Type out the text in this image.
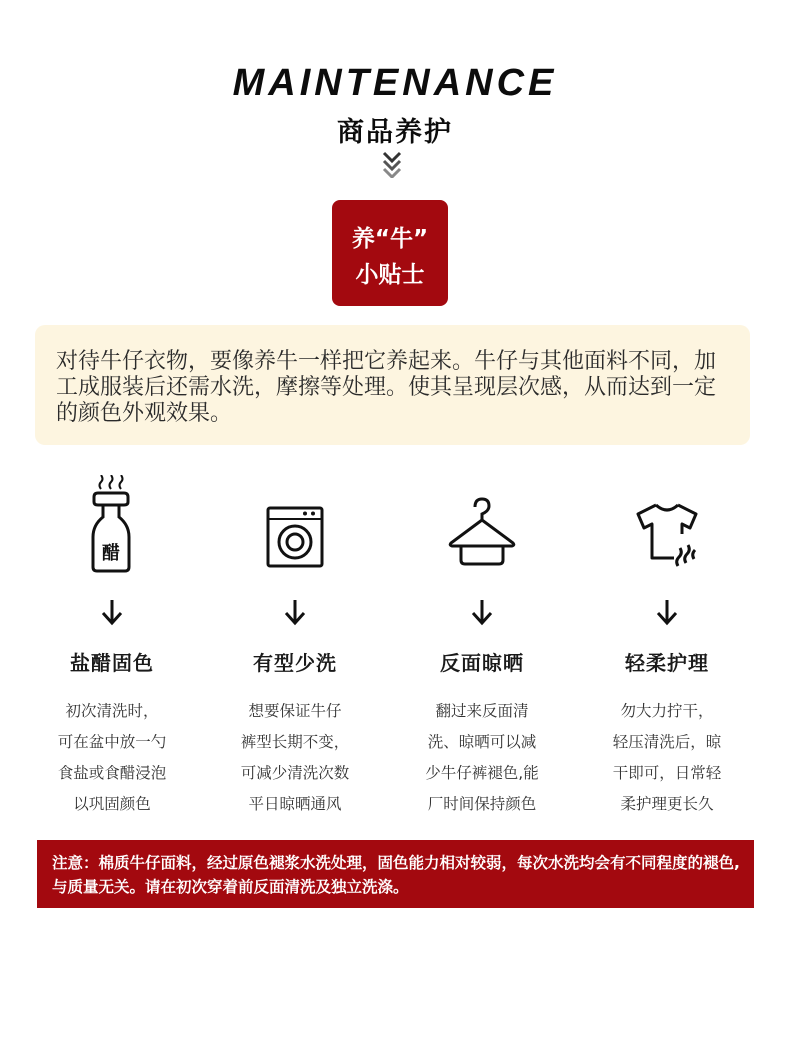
MAINTENANCE
商品养护
养“牛”
小贴士

对待牛仔衣物，要像养牛一样把它养起来。牛仔与其他面料不同，加工成服装后还需水洗，摩擦等处理。使其呈现层次感，从而达到一定的颜色外观效果。

醋
盐醋固色
初次清洗时，
可在盆中放一勺
食盐或食醋浸泡
以巩固颜色
有型少洗
想要保证牛仔
裤型长期不变，
可减少清洗次数
平日晾晒通风
反面晾晒
翻过来反面清
洗、晾晒可以减
少牛仔裤褪色,能
厂时间保持颜色
轻柔护理
勿大力拧干，
轻压清洗后，晾
干即可，日常轻
柔护理更长久

注意：棉质牛仔面料，经过原色褪浆水洗处理，固色能力相对较弱，每次水洗均会有不同程度的褪色,与质量无关。请在初次穿着前反面清洗及独立洗涤。
